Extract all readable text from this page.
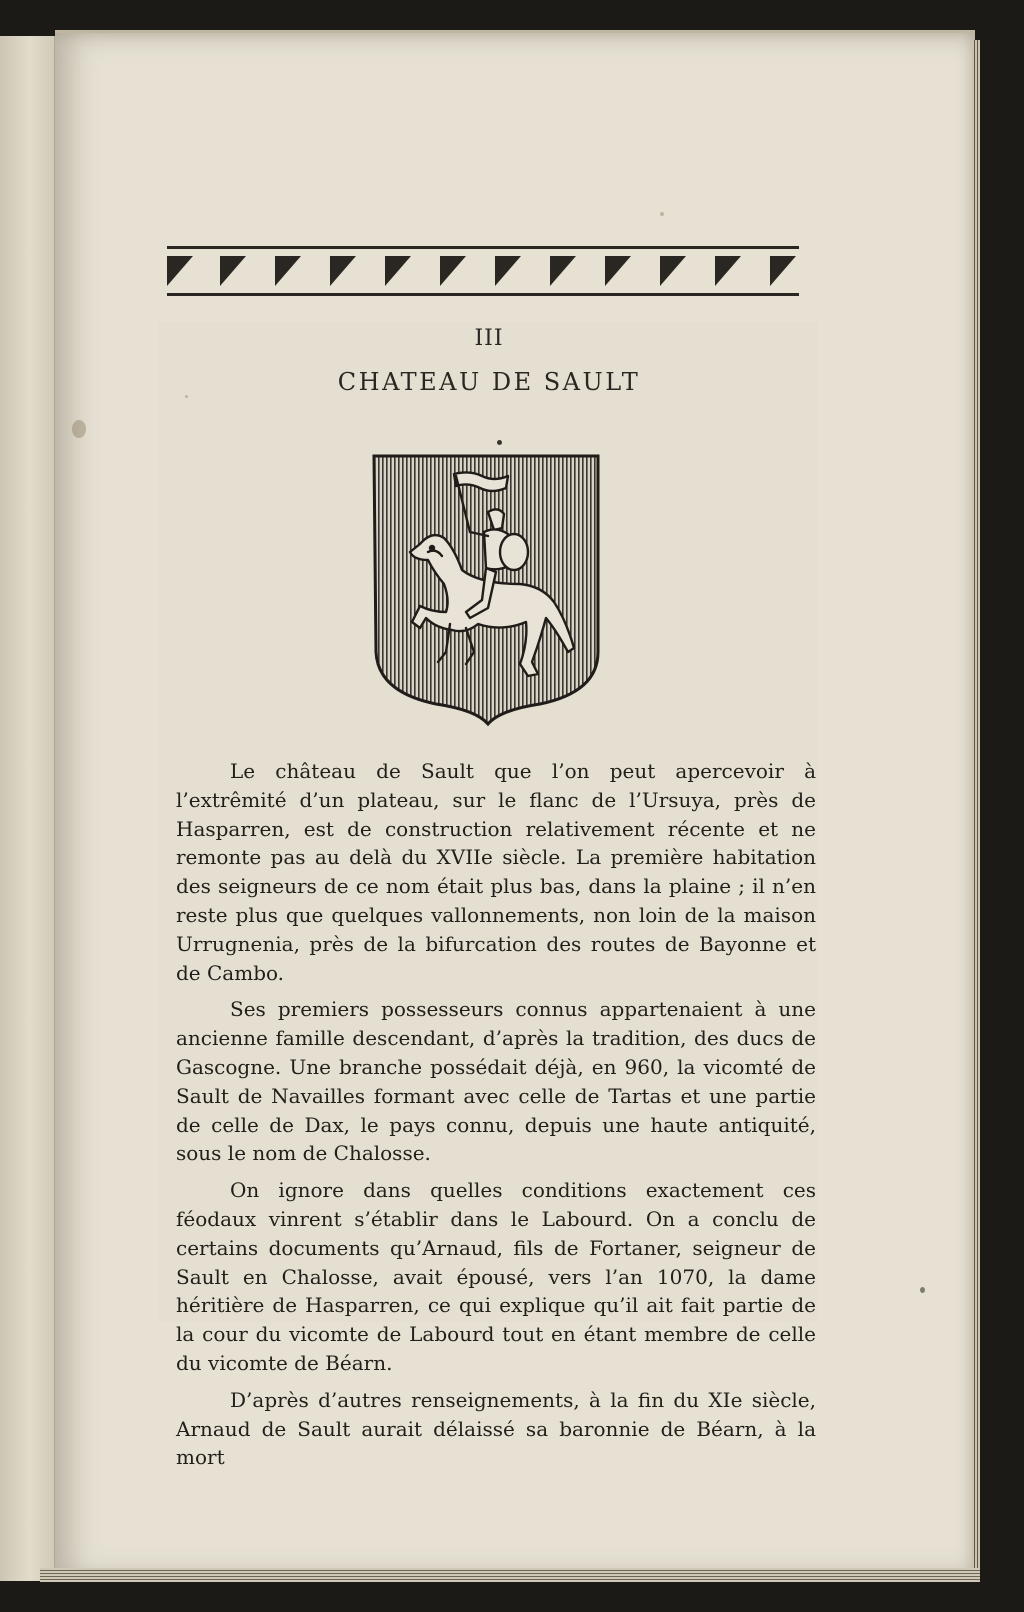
III
CHATEAU DE SAULT

Le château de Sault que l’on peut apercevoir à l’extrêmité d’un plateau, sur le flanc de l’Ursuya, près de Hasparren, est de construction relativement récente et ne remonte pas au delà du XVIIe siècle. La première habitation des seigneurs de ce nom était plus bas, dans la plaine ; il n’en reste plus que quelques vallonnements, non loin de la maison Urrugnenia, près de la bifurcation des routes de Bayonne et de Cambo.

Ses premiers possesseurs connus appartenaient à une ancienne famille descendant, d’après la tradition, des ducs de Gascogne. Une branche possédait déjà, en 960, la vicomté de Sault de Navailles formant avec celle de Tartas et une partie de celle de Dax, le pays connu, depuis une haute antiquité, sous le nom de Chalosse.

On ignore dans quelles conditions exactement ces féodaux vinrent s’établir dans le Labourd. On a conclu de certains documents qu’Arnaud, fils de Fortaner, seigneur de Sault en Chalosse, avait épousé, vers l’an 1070, la dame héritière de Hasparren, ce qui explique qu’il ait fait partie de la cour du vicomte de Labourd tout en étant membre de celle du vicomte de Béarn.

D’après d’autres renseignements, à la fin du XIe siècle, Arnaud de Sault aurait délaissé sa baronnie de Béarn, à la mort
